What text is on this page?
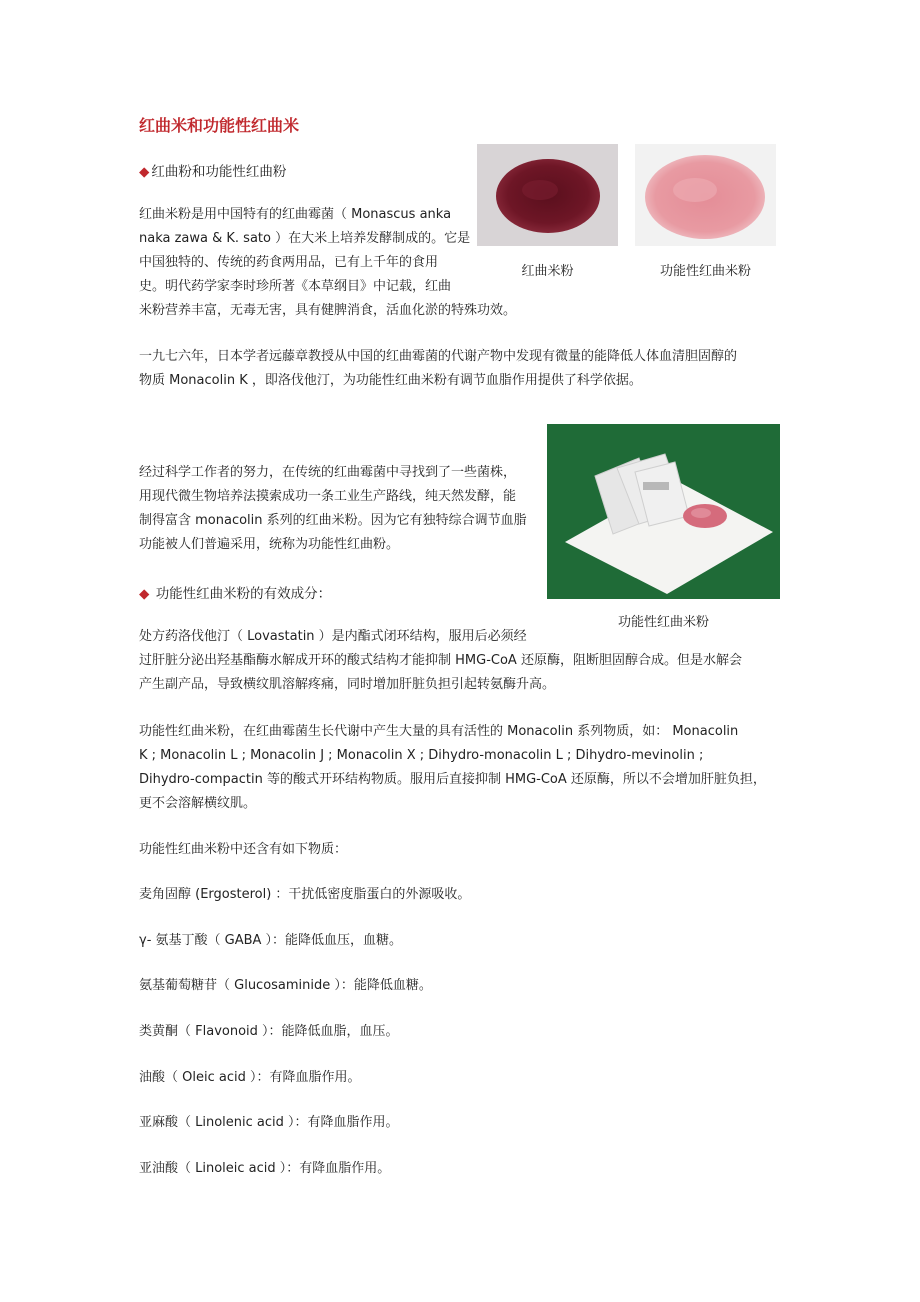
红曲米和功能性红曲米
◆ 红曲粉和功能性红曲粉
红曲米粉是用中国特有的红曲霉菌（ Monascus anka
naka zawa & K. sato ）在大米上培养发酵制成的。它是
中国独特的、传统的药食两用品，已有上千年的食用
史。明代药学家李时珍所著《本草纲目》中记载，红曲
米粉营养丰富，无毒无害，具有健脾消食，活血化淤的特殊功效。
红曲米粉	功能性红曲米粉
一九七六年，日本学者远藤章教授从中国的红曲霉菌的代谢产物中发现有微量的能降低人体血清胆固醇的
物质 Monacolin K ，即洛伐他汀，为功能性红曲米粉有调节血脂作用提供了科学依据。
功能性红曲米粉
经过科学工作者的努力，在传统的红曲霉菌中寻找到了一些菌株，
用现代微生物培养法摸索成功一条工业生产路线，纯天然发酵，能
制得富含 monacolin 系列的红曲米粉。因为它有独特综合调节血脂
功能被人们普遍采用，统称为功能性红曲粉。
◆ 功能性红曲米粉的有效成分：
处方药洛伐他汀（ Lovastatin ）是内酯式闭环结构，服用后必须经
过肝脏分泌出羟基酯酶水解成开环的酸式结构才能抑制 HMG-CoA 还原酶，阻断胆固醇合成。但是水解会
产生副产品，导致横纹肌溶解疼痛，同时增加肝脏负担引起转氨酶升高。
功能性红曲米粉，在红曲霉菌生长代谢中产生大量的具有活性的 Monacolin 系列物质，如： Monacolin
K ; Monacolin L ; Monacolin J ; Monacolin X ; Dihydro-monacolin L ; Dihydro-mevinolin ;
Dihydro-compactin 等的酸式开环结构物质。服用后直接抑制 HMG-CoA 还原酶，所以不会增加肝脏负担，
更不会溶解横纹肌。
功能性红曲米粉中还含有如下物质：
麦角固醇 (Ergosterol) ：干扰低密度脂蛋白的外源吸收。
γ- 氨基丁酸（ GABA ）：能降低血压，血糖。
氨基葡萄糖苷（ Glucosaminide ）：能降低血糖。
类黄酮（ Flavonoid ）：能降低血脂，血压。
油酸（ Oleic acid ）：有降血脂作用。
亚麻酸（ Linolenic acid ）：有降血脂作用。
亚油酸（ Linoleic acid ）：有降血脂作用。
